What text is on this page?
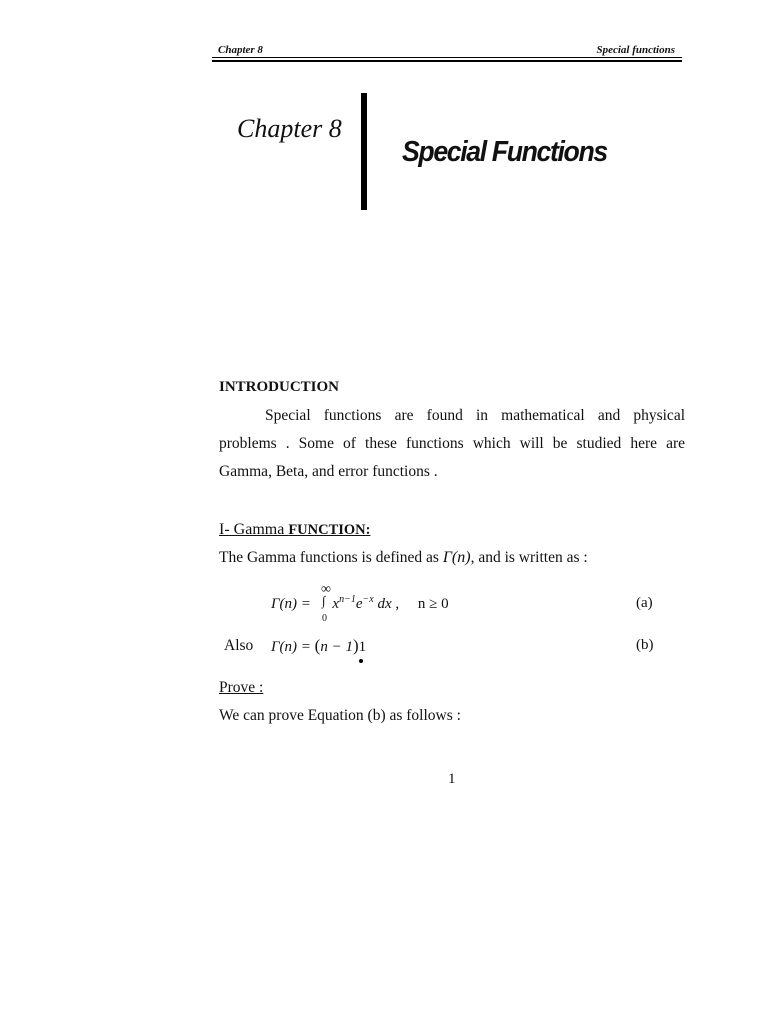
Chapter 8	Special functions
Chapter 8
Special Functions
INTRODUCTION
Special functions are found in mathematical and physical
problems . Some of these functions which will be studied here are
Gamma, Beta, and error functions .
I- Gamma FUNCTION:
The Gamma functions is defined as Γ(n), and is written as :
∞
∫
0
$\Gamma(n) = x^{n-1}e^{-x}$ dx ,     n ≥ 0	(a)
Also Γ(n) = (n − 1)1	(b)
Prove :
We can prove Equation (b) as follows :
1
